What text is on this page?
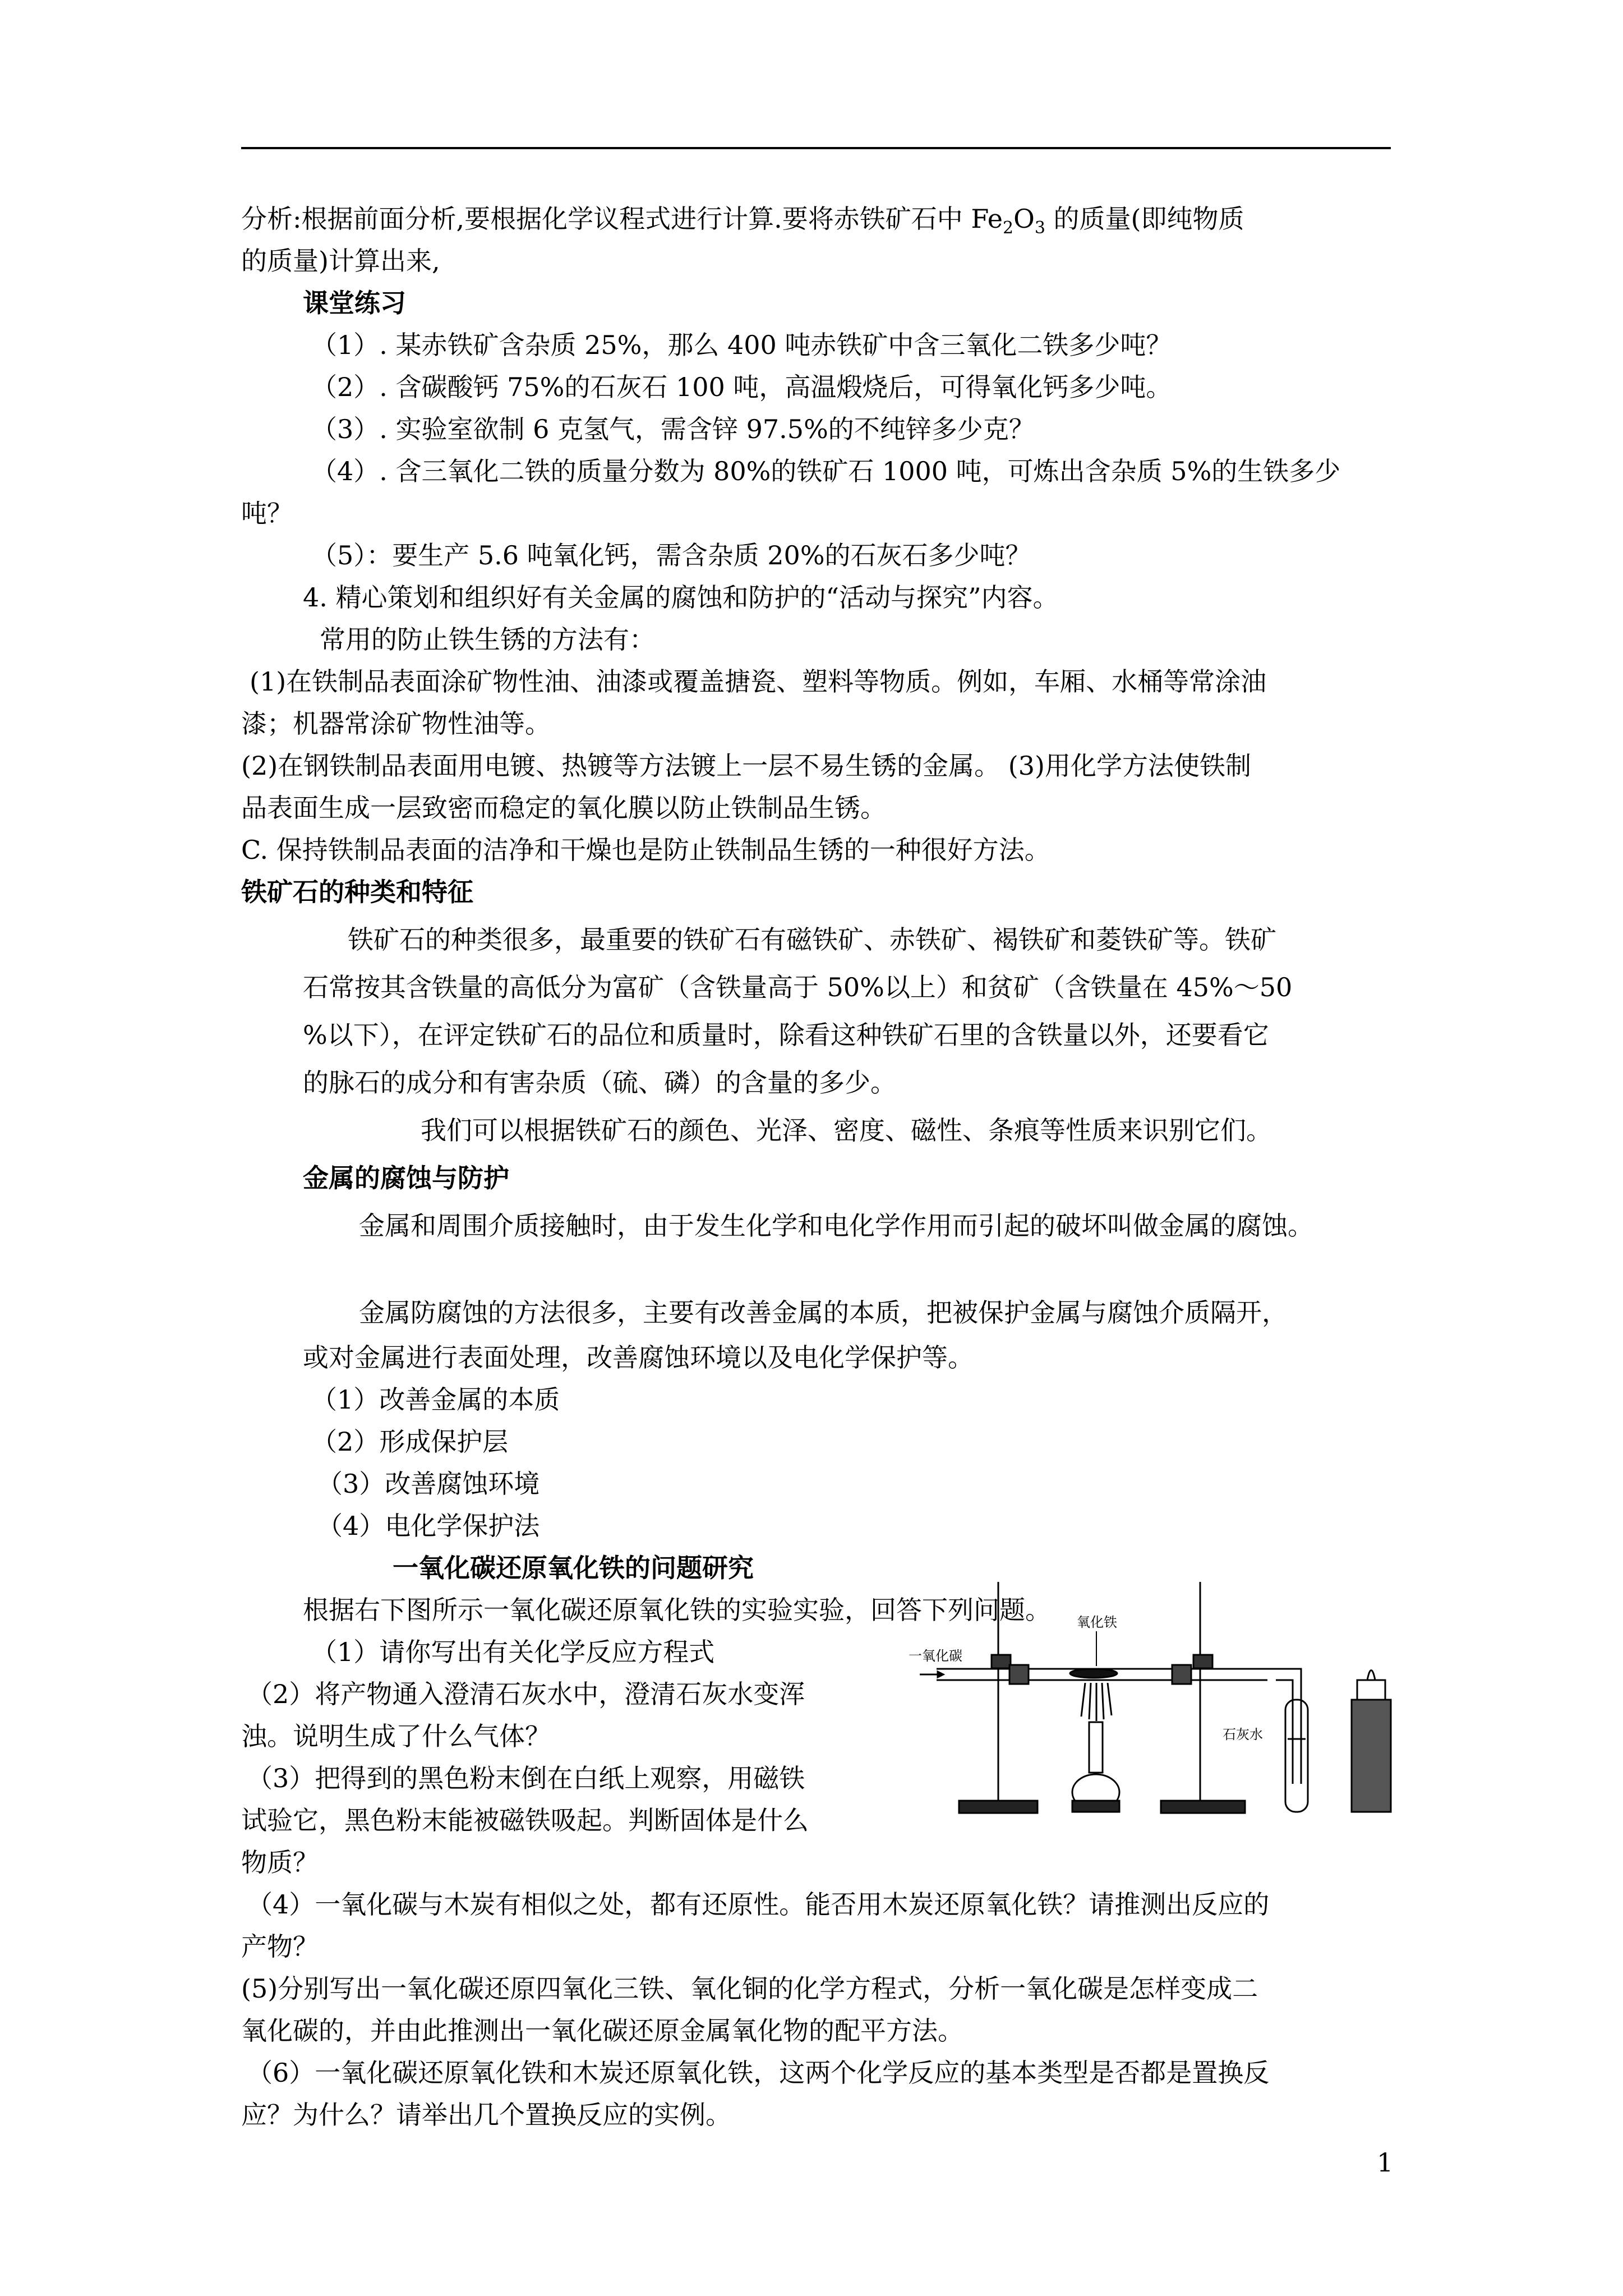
分析:根据前面分析,要根据化学议程式进行计算.要将赤铁矿石中 $Fe_2O_3$ 的质量(即纯物质
的质量)计算出来,
课堂练习
（1）. 某赤铁矿含杂质 25%，那么 400 吨赤铁矿中含三氧化二铁多少吨？
（2）. 含碳酸钙 75%的石灰石 100 吨，高温煅烧后，可得氧化钙多少吨。
（3）. 实验室欲制 6 克氢气，需含锌 97.5%的不纯锌多少克？
（4）. 含三氧化二铁的质量分数为 80%的铁矿石 1000 吨，可炼出含杂质 5%的生铁多少
吨？
（5）：要生产 5.6 吨氧化钙，需含杂质 20%的石灰石多少吨？
4. 精心策划和组织好有关金属的腐蚀和防护的“活动与探究”内容。
常用的防止铁生锈的方法有：
(1)在铁制品表面涂矿物性油、油漆或覆盖搪瓷、塑料等物质。例如，车厢、水桶等常涂油
漆；机器常涂矿物性油等。
(2)在钢铁制品表面用电镀、热镀等方法镀上一层不易生锈的金属。 (3)用化学方法使铁制
品表面生成一层致密而稳定的氧化膜以防止铁制品生锈。
C. 保持铁制品表面的洁净和干燥也是防止铁制品生锈的一种很好方法。
铁矿石的种类和特征
铁矿石的种类很多，最重要的铁矿石有磁铁矿、赤铁矿、褐铁矿和菱铁矿等。铁矿
石常按其含铁量的高低分为富矿（含铁量高于 50%以上）和贫矿（含铁量在 45%～50
%以下），在评定铁矿石的品位和质量时，除看这种铁矿石里的含铁量以外，还要看它
的脉石的成分和有害杂质（硫、磷）的含量的多少。
我们可以根据铁矿石的颜色、光泽、密度、磁性、条痕等性质来识别它们。
金属的腐蚀与防护
金属和周围介质接触时，由于发生化学和电化学作用而引起的破坏叫做金属的腐蚀。
金属防腐蚀的方法很多，主要有改善金属的本质，把被保护金属与腐蚀介质隔开，
或对金属进行表面处理，改善腐蚀环境以及电化学保护等。
（1）改善金属的本质
（2）形成保护层
（3）改善腐蚀环境
（4）电化学保护法
一氧化碳还原氧化铁的问题研究
根据右下图所示一氧化碳还原氧化铁的实验实验，回答下列问题。
（1）请你写出有关化学反应方程式
（2）将产物通入澄清石灰水中，澄清石灰水变浑
浊。说明生成了什么气体？
（3）把得到的黑色粉末倒在白纸上观察，用磁铁
试验它，黑色粉末能被磁铁吸起。判断固体是什么
物质？
（4）一氧化碳与木炭有相似之处，都有还原性。能否用木炭还原氧化铁？请推测出反应的
产物？
(5)分别写出一氧化碳还原四氧化三铁、氧化铜的化学方程式，分析一氧化碳是怎样变成二
氧化碳的，并由此推测出一氧化碳还原金属氧化物的配平方法。
（6）一氧化碳还原氧化铁和木炭还原氧化铁，这两个化学反应的基本类型是否都是置换反
应？为什么？请举出几个置换反应的实例。
一氧化碳
氧化铁
石灰水
1
